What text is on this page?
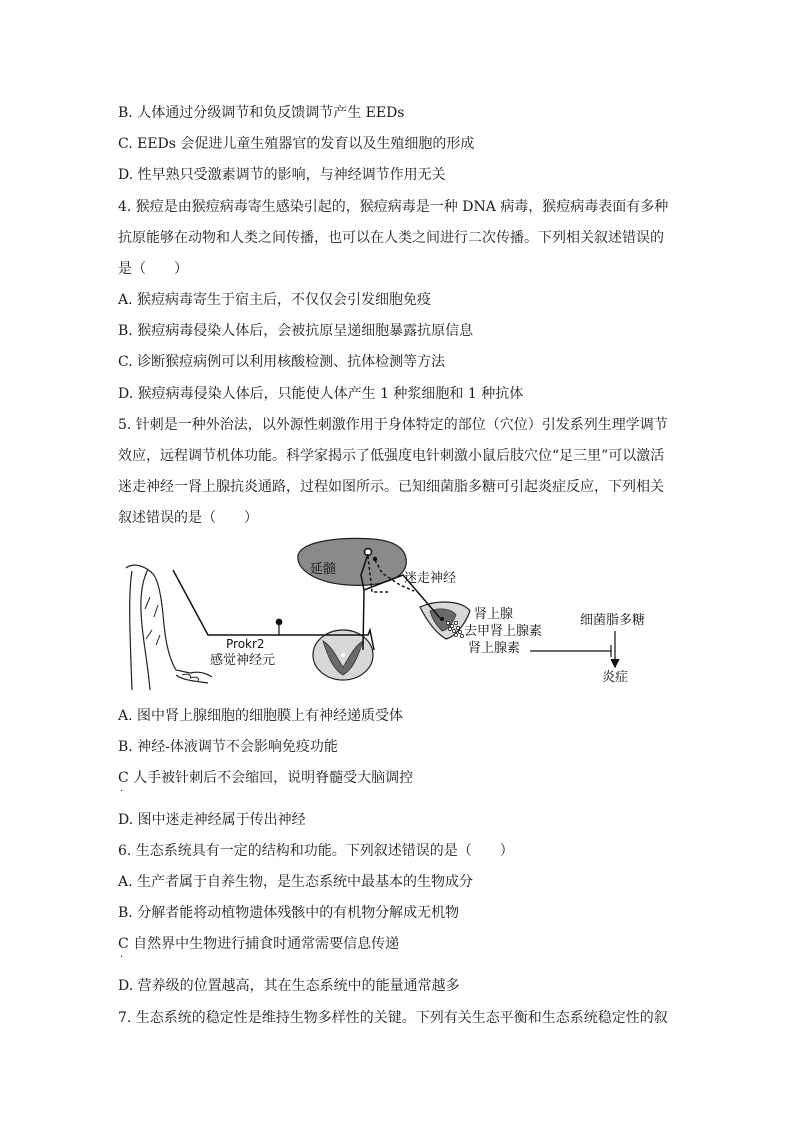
B. 人体通过分级调节和负反馈调节产生 EEDs
C. EEDs 会促进儿童生殖器官的发育以及生殖细胞的形成
D. 性早熟只受激素调节的影响，与神经调节作用无关
4. 猴痘是由猴痘病毒寄生感染引起的，猴痘病毒是一种 DNA 病毒，猴痘病毒表面有多种
抗原能够在动物和人类之间传播，也可以在人类之间进行二次传播。下列相关叙述错误的
是（　　）
A. 猴痘病毒寄生于宿主后，不仅仅会引发细胞免疫
B. 猴痘病毒侵染人体后，会被抗原呈递细胞暴露抗原信息
C. 诊断猴痘病例可以利用核酸检测、抗体检测等方法
D. 猴痘病毒侵染人体后，只能使人体产生 1 种浆细胞和 1 种抗体
5. 针刺是一种外治法，以外源性刺激作用于身体特定的部位（穴位）引发系列生理学调节
效应，远程调节机体功能。科学家揭示了低强度电针刺激小鼠后肢穴位“足三里”可以激活
迷走神经一肾上腺抗炎通路，过程如图所示。已知细菌脂多糖可引起炎症反应，下列相关
叙述错误的是（　　）
A. 图中肾上腺细胞的细胞膜上有神经递质受体
B. 神经-体液调节不会影响免疫功能
C 人手被针刺后不会缩回，说明脊髓受大脑调控
·
D. 图中迷走神经属于传出神经
6. 生态系统具有一定的结构和功能。下列叙述错误的是（　　）
A. 生产者属于自养生物，是生态系统中最基本的生物成分
B. 分解者能将动植物遗体残骸中的有机物分解成无机物
C 自然界中生物进行捕食时通常需要信息传递
·
D. 营养级的位置越高，其在生态系统中的能量通常越多
7. 生态系统的稳定性是维持生物多样性的关键。下列有关生态平衡和生态系统稳定性的叙
延髓
迷走神经
肾上腺
去甲肾上腺素
肾上腺素
细菌脂多糖
炎症
Prokr2
感觉神经元
